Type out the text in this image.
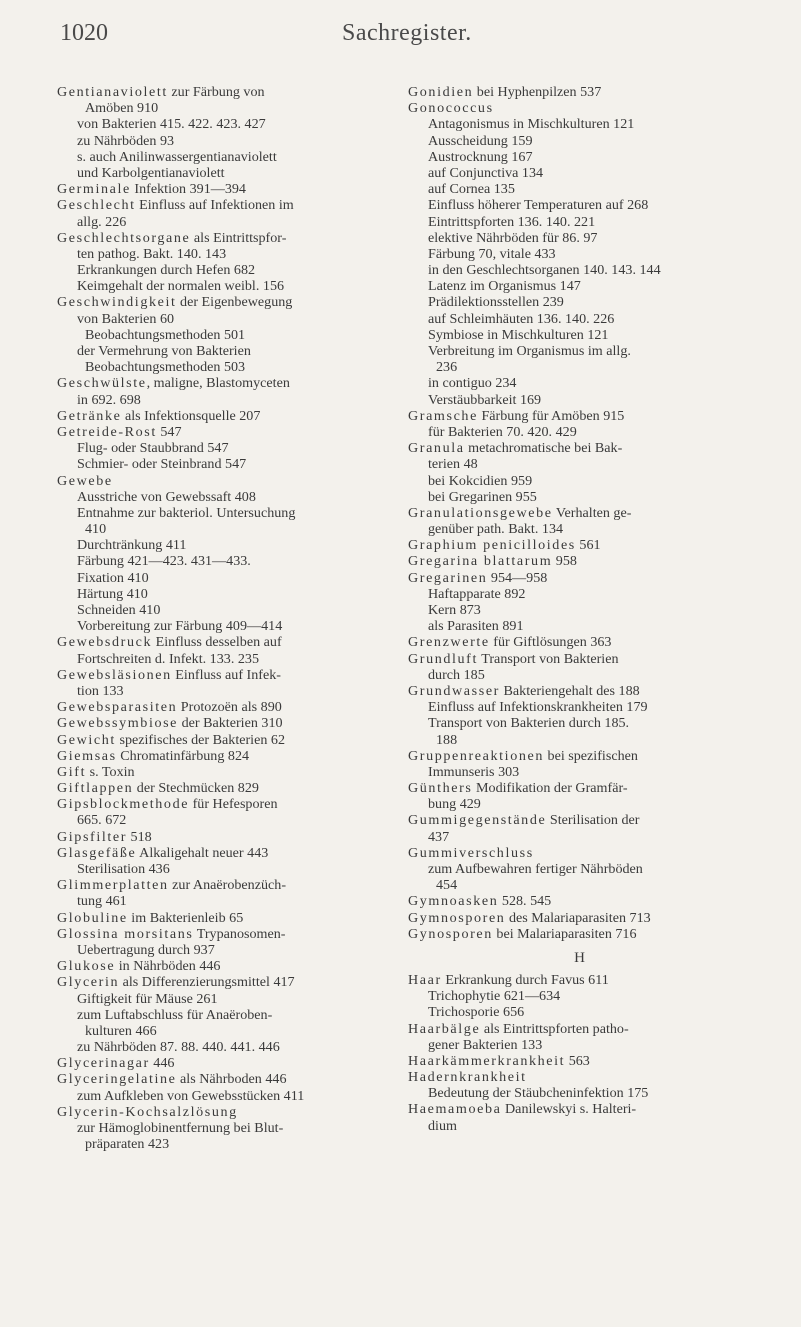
1020	Sachregister.
Gentianaviolett zur Färbung von
Amöben 910
von Bakterien 415. 422. 423. 427
zu Nährböden 93
s. auch Anilinwassergentianaviolett
und Karbolgentianaviolett
Germinale Infektion 391—394
Geschlecht Einfluss auf Infektionen im
allg. 226
Geschlechtsorgane als Eintrittspfor-
ten pathog. Bakt. 140. 143
Erkrankungen durch Hefen 682
Keimgehalt der normalen weibl. 156
Geschwindigkeit der Eigenbewegung
von Bakterien 60
Beobachtungsmethoden 501
der Vermehrung von Bakterien
Beobachtungsmethoden 503
Geschwülste, maligne, Blastomyceten
in 692. 698
Getränke als Infektionsquelle 207
Getreide-Rost 547
Flug- oder Staubbrand 547
Schmier- oder Steinbrand 547
Gewebe
Ausstriche von Gewebssaft 408
Entnahme zur bakteriol. Untersuchung
410
Durchtränkung 411
Färbung 421—423. 431—433.
Fixation 410
Härtung 410
Schneiden 410
Vorbereitung zur Färbung 409—414
Gewebsdruck Einfluss desselben auf
Fortschreiten d. Infekt. 133. 235
Gewebsläsionen Einfluss auf Infek-
tion 133
Gewebsparasiten Protozoën als 890
Gewebssymbiose der Bakterien 310
Gewicht spezifisches der Bakterien 62
Giemsas Chromatinfärbung 824
Gift s. Toxin
Giftlappen der Stechmücken 829
Gipsblockmethode für Hefesporen
665. 672
Gipsfilter 518
Glasgefäße Alkaligehalt neuer 443
Sterilisation 436
Glimmerplatten zur Anaërobenzüch-
tung 461
Globuline im Bakterienleib 65
Glossina morsitans Trypanosomen-
Uebertragung durch 937
Glukose in Nährböden 446
Glycerin als Differenzierungsmittel 417
Giftigkeit für Mäuse 261
zum Luftabschluss für Anaëroben-
kulturen 466
zu Nährböden 87. 88. 440. 441. 446
Glycerinagar 446
Glyceringelatine als Nährboden 446
zum Aufkleben von Gewebsstücken 411
Glycerin-Kochsalzlösung
zur Hämoglobinentfernung bei Blut-
präparaten 423
Gonidien bei Hyphenpilzen 537
Gonococcus
Antagonismus in Mischkulturen 121
Ausscheidung 159
Austrocknung 167
auf Conjunctiva 134
auf Cornea 135
Einfluss höherer Temperaturen auf 268
Eintrittspforten 136. 140. 221
elektive Nährböden für 86. 97
Färbung 70, vitale 433
in den Geschlechtsorganen 140. 143. 144
Latenz im Organismus 147
Prädilektionsstellen 239
auf Schleimhäuten 136. 140. 226
Symbiose in Mischkulturen 121
Verbreitung im Organismus im allg.
236
in contiguo 234
Verstäubbarkeit 169
Gramsche Färbung für Amöben 915
für Bakterien 70. 420. 429
Granula metachromatische bei Bak-
terien 48
bei Kokcidien 959
bei Gregarinen 955
Granulationsgewebe Verhalten ge-
genüber path. Bakt. 134
Graphium penicilloides 561
Gregarina blattarum 958
Gregarinen 954—958
Haftapparate 892
Kern 873
als Parasiten 891
Grenzwerte für Giftlösungen 363
Grundluft Transport von Bakterien
durch 185
Grundwasser Bakteriengehalt des 188
Einfluss auf Infektionskrankheiten 179
Transport von Bakterien durch 185.
188
Gruppenreaktionen bei spezifischen
Immunseris 303
Günthers Modifikation der Gramfär-
bung 429
Gummigegenstände Sterilisation der
437
Gummiverschluss
zum Aufbewahren fertiger Nährböden
454
Gymnoasken 528. 545
Gymnosporen des Malariaparasiten 713
Gynosporen bei Malariaparasiten 716
H
Haar Erkrankung durch Favus 611
Trichophytie 621—634
Trichosporie 656
Haarbälge als Eintrittspforten patho-
gener Bakterien 133
Haarkämmerkrankheit 563
Hadernkrankheit
Bedeutung der Stäubcheninfektion 175
Haemamoeba Danilewskyi s. Halteri-
dium
